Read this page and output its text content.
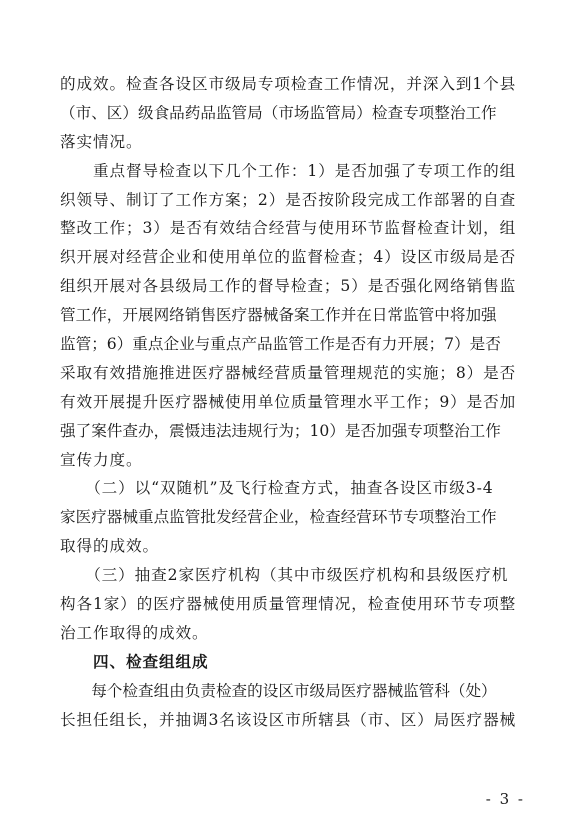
的成效。检查各设区市级局专项检查工作情况，并深入到1个县
（市、区）级食品药品监管局（市场监管局）检查专项整治工作
落实情况。
　　重点督导检查以下几个工作：1）是否加强了专项工作的组
织领导、制订了工作方案；2）是否按阶段完成工作部署的自查
整改工作；3）是否有效结合经营与使用环节监督检查计划，组
织开展对经营企业和使用单位的监督检查；4）设区市级局是否
组织开展对各县级局工作的督导检查；5）是否强化网络销售监
管工作，开展网络销售医疗器械备案工作并在日常监管中将加强
监管；6）重点企业与重点产品监管工作是否有力开展；7）是否
采取有效措施推进医疗器械经营质量管理规范的实施；8）是否
有效开展提升医疗器械使用单位质量管理水平工作；9）是否加
强了案件查办，震慑违法违规行为；10）是否加强专项整治工作
宣传力度。
　　（二）以“双随机”及飞行检查方式，抽查各设区市级3-4
家医疗器械重点监管批发经营企业，检查经营环节专项整治工作
取得的成效。
　　（三）抽查2家医疗机构（其中市级医疗机构和县级医疗机
构各1家）的医疗器械使用质量管理情况，检查使用环节专项整
治工作取得的成效。
　　四、检查组组成
　　每个检查组由负责检查的设区市级局医疗器械监管科（处）
长担任组长，并抽调3名该设区市所辖县（市、区）局医疗器械
- 3 -
